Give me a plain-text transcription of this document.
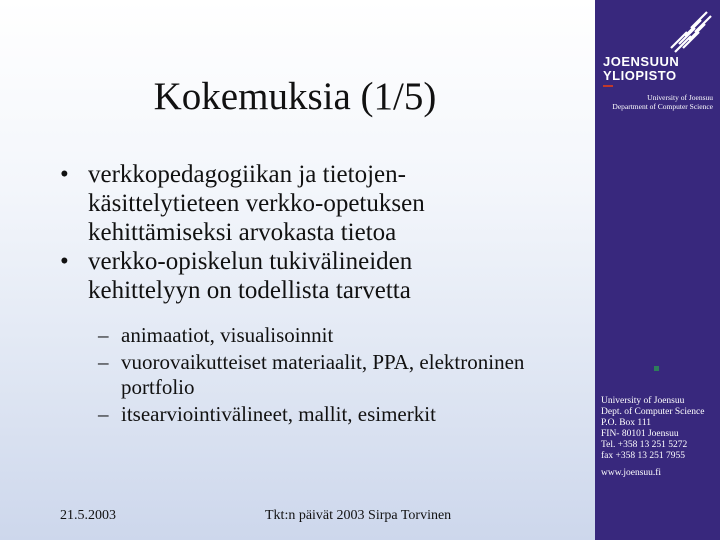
Kokemuksia (1/5)
• verkkopedagogiikan ja tietojen-
käsittelytieteen verkko-opetuksen
kehittämiseksi arvokasta tietoa
• verkko-opiskelun tukivälineiden
kehittelyyn on todellista tarvetta
– animaatiot, visualisoinnit
– vuorovaikutteiset materiaalit, PPA, elektroninen
portfolio
– itsearviointivälineet, mallit, esimerkit
21.5.2003	Tkt:n päivät 2003 Sirpa Torvinen
JOENSUUN
YLIOPISTO
University of Joensuu
Department of Computer Science
University of Joensuu
Dept. of Computer Science
P.O. Box 111
FIN- 80101 Joensuu
Tel. +358 13 251 5272
fax +358 13 251 7955
www.joensuu.fi
